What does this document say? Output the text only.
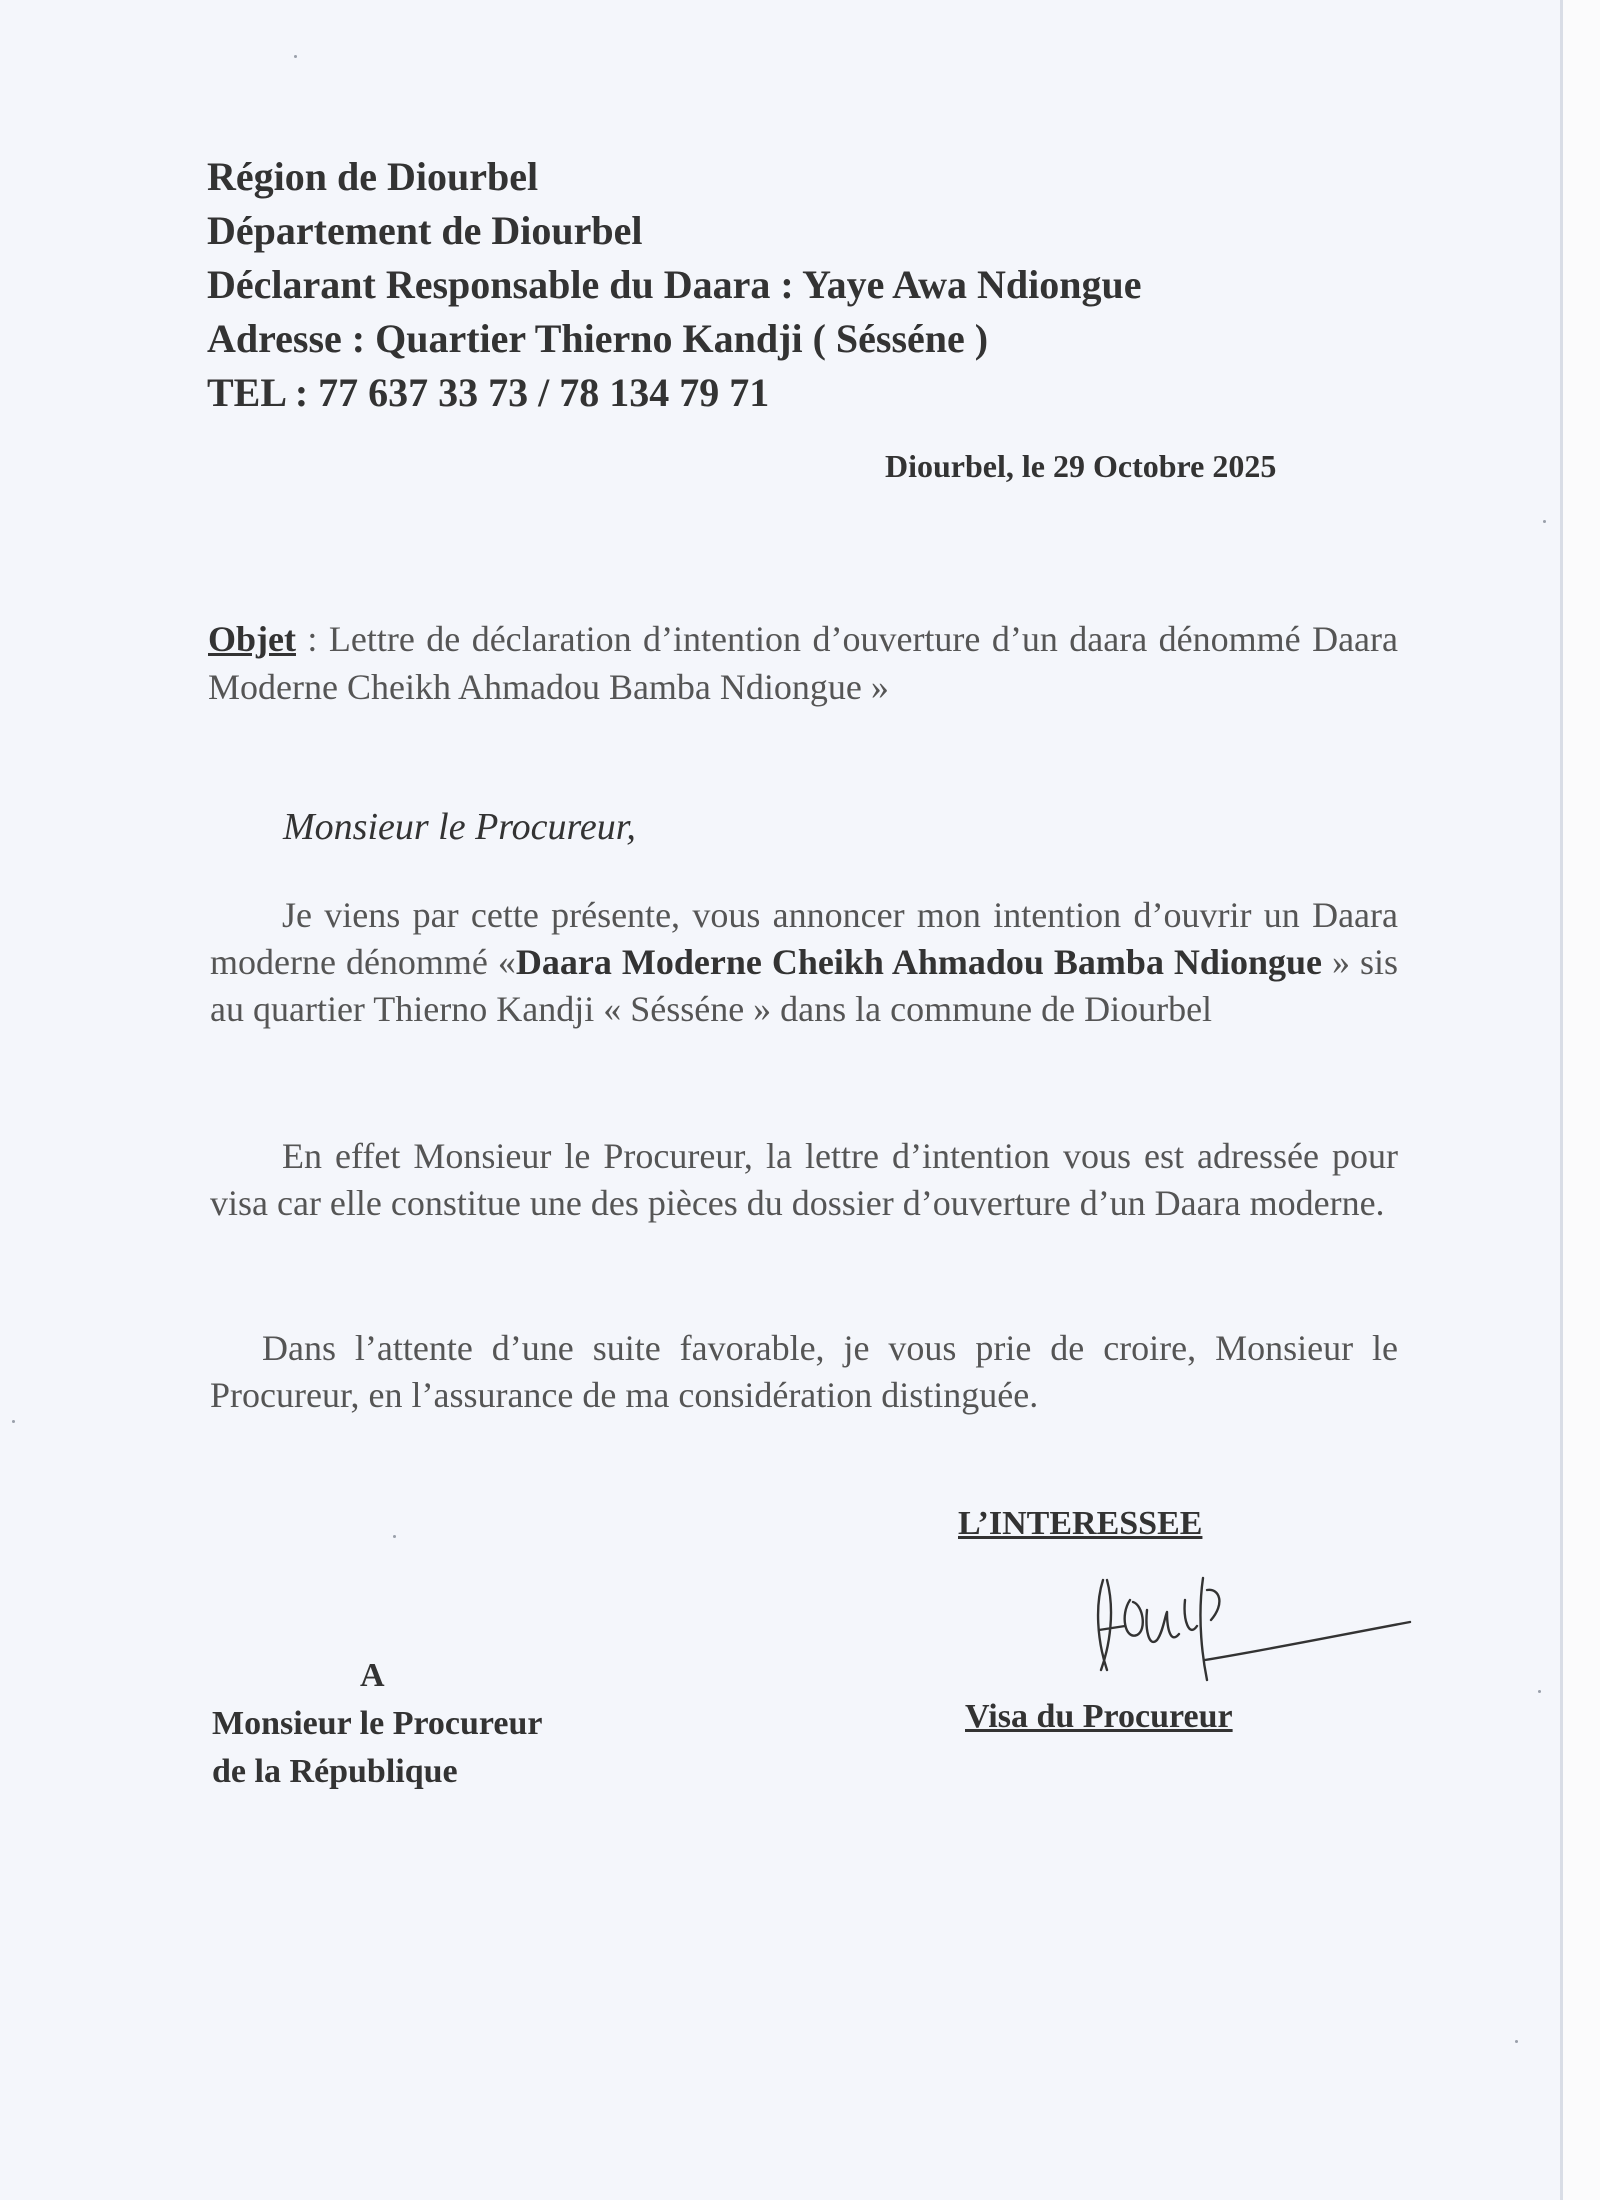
Région de Diourbel
Département de Diourbel
Déclarant Responsable du Daara : Yaye Awa Ndiongue
Adresse : Quartier Thierno Kandji ( Sésséne )
TEL : 77 637 33 73 / 78 134 79 71
Diourbel, le 29 Octobre 2025
Objet : Lettre de déclaration d’intention d’ouverture d’un daara dénommé Daara Moderne Cheikh Ahmadou Bamba Ndiongue »
Monsieur le Procureur,
Je viens par cette présente, vous annoncer mon intention d’ouvrir un Daara moderne dénommé «Daara Moderne Cheikh Ahmadou Bamba Ndiongue » sis au quartier Thierno Kandji « Sésséne » dans la commune de Diourbel
En effet Monsieur le Procureur, la lettre d’intention vous est adressée pour visa car elle constitue une des pièces du dossier d’ouverture d’un Daara moderne.
Dans l’attente d’une suite favorable, je vous prie de croire, Monsieur le Procureur, en l’assurance de ma considération distinguée.
L’INTERESSEE
Visa du Procureur
A
Monsieur le Procureur
de la République
